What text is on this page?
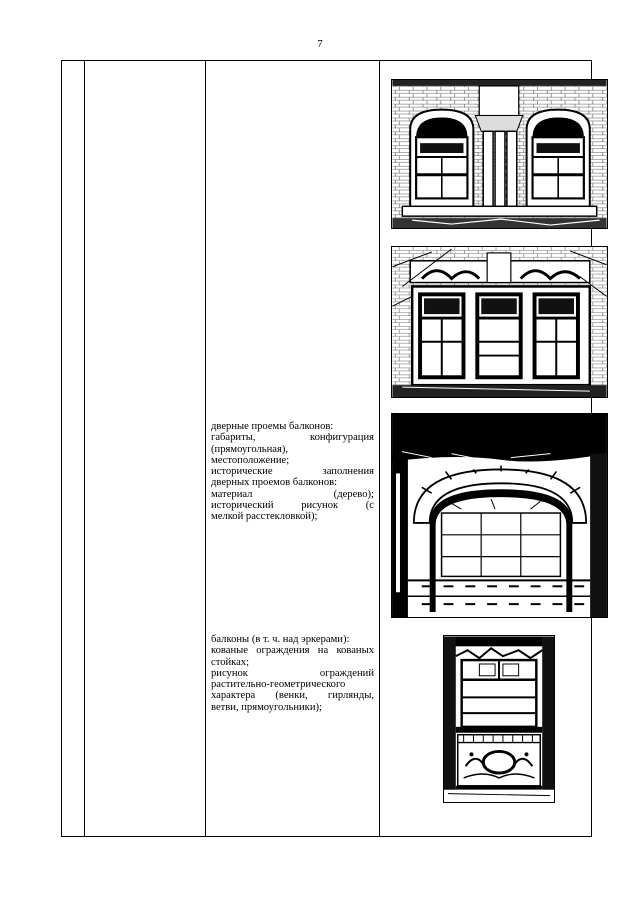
7
дверные проемы балконов:
габариты, конфигурация
(прямоугольная),
местоположение;
исторические заполнения
дверных проемов балконов:
материал (дерево);
исторический рисунок (с
мелкой расстекловкой);
балконы (в т. ч. над эркерами):
кованые ограждения на кованых
стойках;
рисунок ограждений
растительно-геометрического
характера (венки, гирлянды,
ветви, прямоугольники);
